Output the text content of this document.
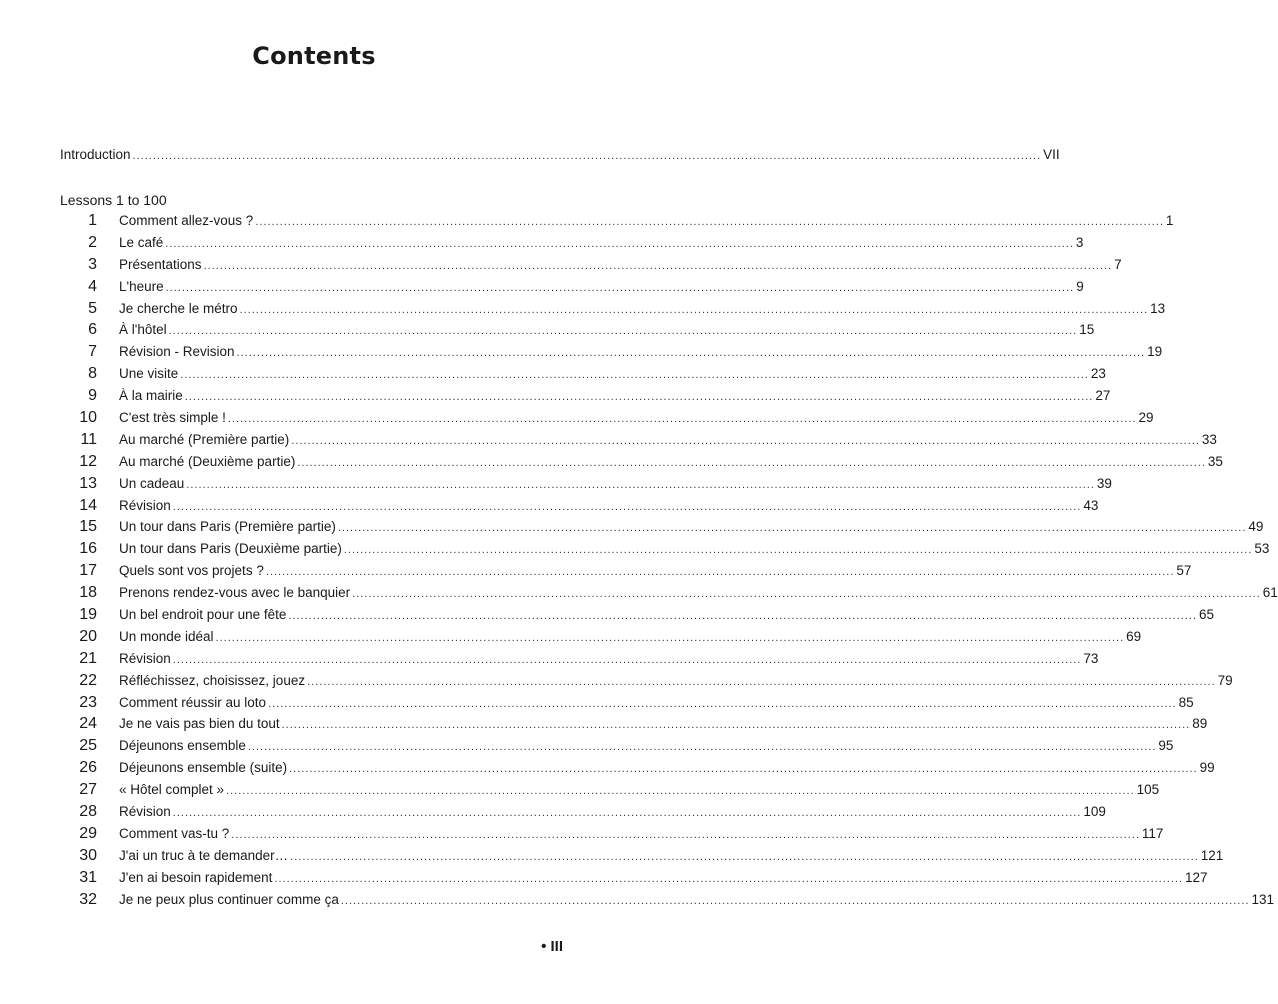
Contents
Introduction .....	VII
Lessons 1 to 100
1	Comment allez-vous ? .....	1
2	Le café .....	3
3	Présentations .....	7
4	L'heure .....	9
5	Je cherche le métro .....	13
6	À l'hôtel .....	15
7	Révision - Revision .....	19
8	Une visite .....	23
9	À la mairie .....	27
10	C'est très simple ! .....	29
11	Au marché (Première partie) .....	33
12	Au marché (Deuxième partie) .....	35
13	Un cadeau .....	39
14	Révision .....	43
15	Un tour dans Paris (Première partie) .....	49
16	Un tour dans Paris (Deuxième partie) .....	53
17	Quels sont vos projets ? .....	57
18	Prenons rendez-vous avec le banquier .....	61
19	Un bel endroit pour une fête .....	65
20	Un monde idéal .....	69
21	Révision .....	73
22	Réfléchissez, choisissez, jouez .....	79
23	Comment réussir au loto .....	85
24	Je ne vais pas bien du tout .....	89
25	Déjeunons ensemble .....	95
26	Déjeunons ensemble (suite) .....	99
27	« Hôtel complet » .....	105
28	Révision .....	109
29	Comment vas-tu ? .....	117
30	J'ai un truc à te demander… .....	121
31	J'en ai besoin rapidement .....	127
32	Je ne peux plus continuer comme ça .....	131
• III
